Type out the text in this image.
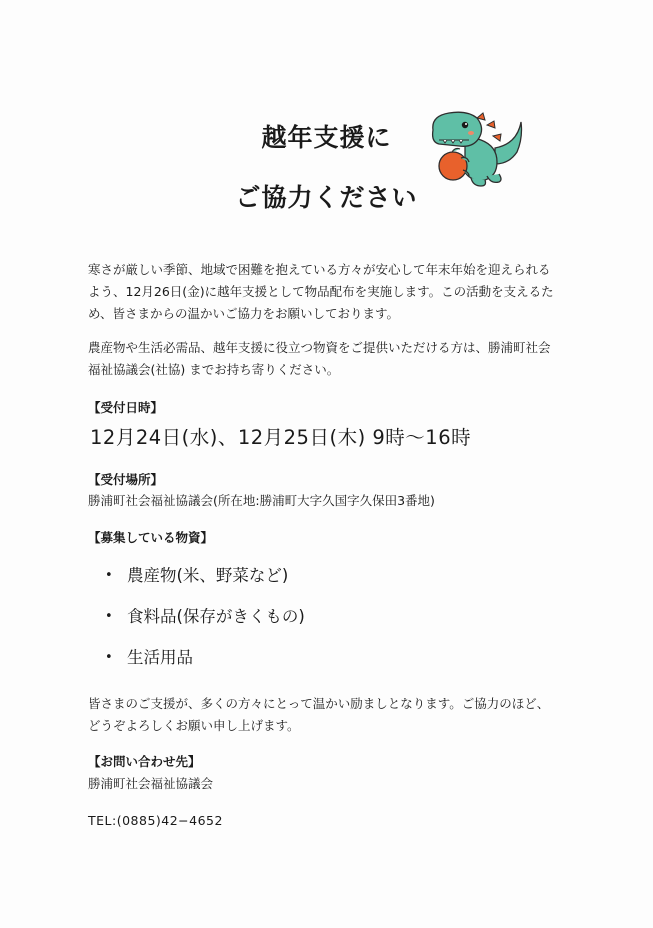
越年支援に
ご協力ください

寒さが厳しい季節、地域で困難を抱えている方々が安心して年末年始を迎えられるよう、12月26日(金)に越年支援として物品配布を実施します。この活動を支えるため、皆さまからの温かいご協力をお願いしております。

農産物や生活必需品、越年支援に役立つ物資をご提供いただける方は、勝浦町社会福祉協議会(社協) までお持ち寄りください。

【受付日時】

12月24日(水)、12月25日(木) 9時〜16時

【受付場所】

勝浦町社会福祉協議会(所在地:勝浦町大字久国字久保田3番地)

【募集している物資】

• 農産物(米、野菜など)
• 食料品(保存がきくもの)
• 生活用品

皆さまのご支援が、多くの方々にとって温かい励ましとなります。ご協力のほど、どうぞよろしくお願い申し上げます。

【お問い合わせ先】

勝浦町社会福祉協議会

TEL:(0885)42−4652
